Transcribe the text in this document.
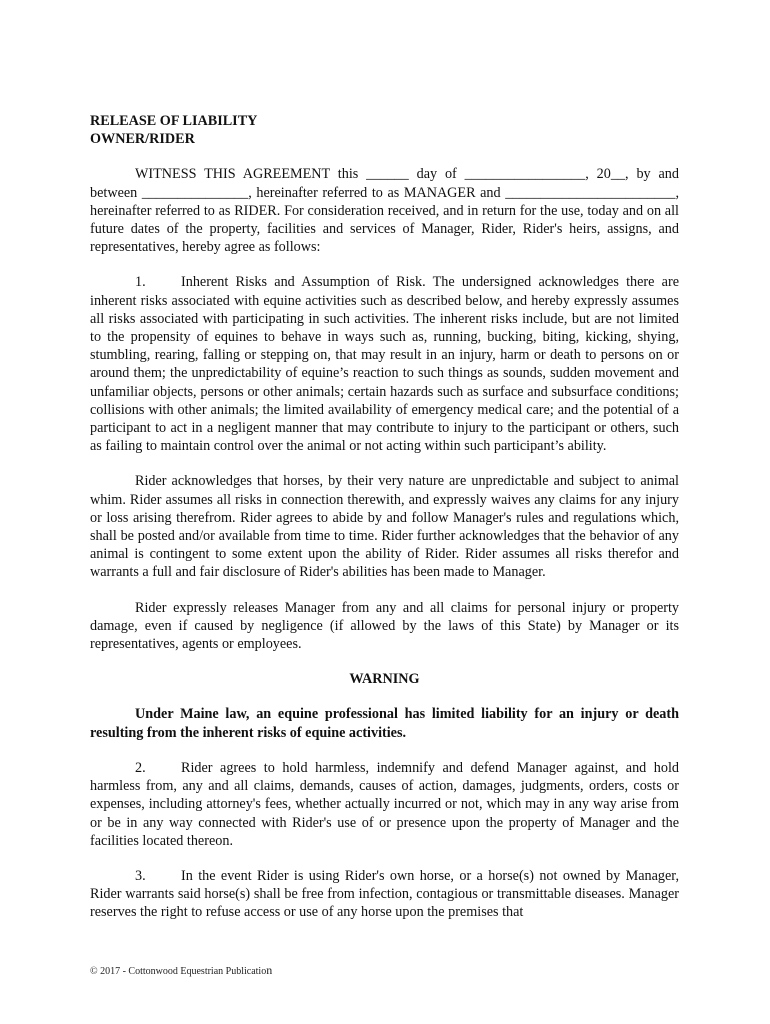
RELEASE OF LIABILITY
OWNER/RIDER

WITNESS THIS AGREEMENT this ______ day of _________________, 20__, by and between _______________, hereinafter referred to as MANAGER and ________________________, hereinafter referred to as RIDER. For consideration received, and in return for the use, today and on all future dates of the property, facilities and services of Manager, Rider, Rider's heirs, assigns, and representatives, hereby agree as follows:

1. Inherent Risks and Assumption of Risk. The undersigned acknowledges there are inherent risks associated with equine activities such as described below, and hereby expressly assumes all risks associated with participating in such activities. The inherent risks include, but are not limited to the propensity of equines to behave in ways such as, running, bucking, biting, kicking, shying, stumbling, rearing, falling or stepping on, that may result in an injury, harm or death to persons on or around them; the unpredictability of equine’s reaction to such things as sounds, sudden movement and unfamiliar objects, persons or other animals; certain hazards such as surface and subsurface conditions; collisions with other animals; the limited availability of emergency medical care; and the potential of a participant to act in a negligent manner that may contribute to injury to the participant or others, such as failing to maintain control over the animal or not acting within such participant’s ability.

Rider acknowledges that horses, by their very nature are unpredictable and subject to animal whim. Rider assumes all risks in connection therewith, and expressly waives any claims for any injury or loss arising therefrom. Rider agrees to abide by and follow Manager's rules and regulations which, shall be posted and/or available from time to time. Rider further acknowledges that the behavior of any animal is contingent to some extent upon the ability of Rider. Rider assumes all risks therefor and warrants a full and fair disclosure of Rider's abilities has been made to Manager.

Rider expressly releases Manager from any and all claims for personal injury or property damage, even if caused by negligence (if allowed by the laws of this State) by Manager or its representatives, agents or employees.

WARNING

Under Maine law, an equine professional has limited liability for an injury or death resulting from the inherent risks of equine activities.

2. Rider agrees to hold harmless, indemnify and defend Manager against, and hold harmless from, any and all claims, demands, causes of action, damages, judgments, orders, costs or expenses, including attorney's fees, whether actually incurred or not, which may in any way arise from or be in any way connected with Rider's use of or presence upon the property of Manager and the facilities located thereon.

3. In the event Rider is using Rider's own horse, or a horse(s) not owned by Manager, Rider warrants said horse(s) shall be free from infection, contagious or transmittable diseases. Manager reserves the right to refuse access or use of any horse upon the premises that

© 2017 - Cottonwood Equestrian Publication
